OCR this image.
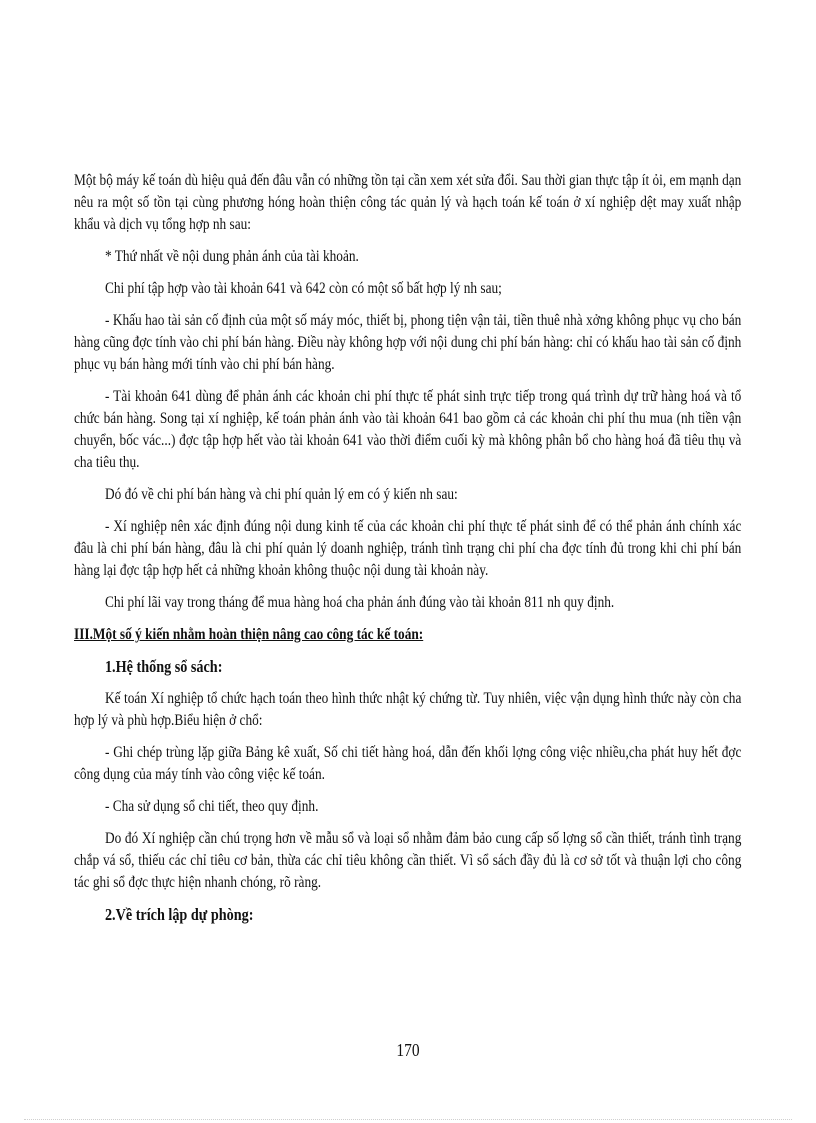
Một bộ máy kế toán dù hiệu quả đến đâu vẫn có những tồn tại cần xem xét sửa đổi. Sau thời gian thực tập ít ỏi, em mạnh dạn nêu ra một số tồn tại cùng phương hóng hoàn thiện công tác quản lý và hạch toán kế toán ở xí nghiệp dệt may xuất nhập khẩu và dịch vụ tổng hợp nh sau:

* Thứ nhất về nội dung phản ánh của tài khoản.

Chi phí tập hợp vào tài khoản 641 và 642 còn có một số bất hợp lý nh sau;

- Khấu hao tài sản cố định của một số máy móc, thiết bị, phong tiện vận tải, tiền thuê nhà xởng không phục vụ cho bán hàng cũng đợc tính vào chi phí bán hàng. Điều này không hợp với nội dung chi phí bán hàng: chỉ có khấu hao tài sản cố định phục vụ bán hàng mới tính vào chi phí bán hàng.

- Tài khoản 641 dùng để phản ánh các khoản chi phí thực tế phát sinh trực tiếp trong quá trình dự trữ hàng hoá và tổ chức bán hàng. Song tại xí nghiệp, kế toán phản ánh vào tài khoản 641 bao gồm cả các khoản chi phí thu mua (nh tiền vận chuyển, bốc vác...) đợc tập hợp hết vào tài khoản 641 vào thời điểm cuối kỳ mà không phân bổ cho hàng hoá đã tiêu thụ và cha tiêu thụ.

Dó đó về chi phí bán hàng và chi phí quản lý em có ý kiến nh sau:

- Xí nghiệp nên xác định đúng nội dung kinh tế của các khoản chi phí thực tế phát sinh để có thể phản ánh chính xác đâu là chi phí bán hàng, đâu là chi phí quản lý doanh nghiệp, tránh tình trạng chi phí cha đợc tính đủ trong khi chi phí bán hàng lại đợc tập hợp hết cả những khoản không thuộc nội dung tài khoản này.

Chi phí lãi vay trong tháng để mua hàng hoá cha phản ánh đúng vào tài khoản 811 nh quy định.

III.Một số ý kiến nhằm hoàn thiện nâng cao công tác kế toán:

1.Hệ thống sổ sách:

Kế toán Xí nghiệp tổ chức hạch toán theo hình thức nhật ký chứng từ. Tuy nhiên, việc vận dụng hình thức này còn cha hợp lý và phù hợp.Biểu hiện ở chổ:

- Ghi chép trùng lặp giữa Bảng kê xuất, Số chi tiết hàng hoá, dẫn đến khối lợng công việc nhiều,cha phát huy hết đợc công dụng của máy tính vào công việc kế toán.

- Cha sử dụng sổ chi tiết, theo quy định.

Do đó Xí nghiệp cần chú trọng hơn về mẫu sổ và loại sổ nhằm đảm bảo cung cấp số lợng sổ cần thiết, tránh tình trạng chắp vá sổ, thiếu các chỉ tiêu cơ bản, thừa các chỉ tiêu không cần thiết. Vì sổ sách đầy đủ là cơ sở tốt và thuận lợi cho công tác ghi sổ đợc thực hiện nhanh chóng, rõ ràng.

2.Về trích lập dự phòng:

170
